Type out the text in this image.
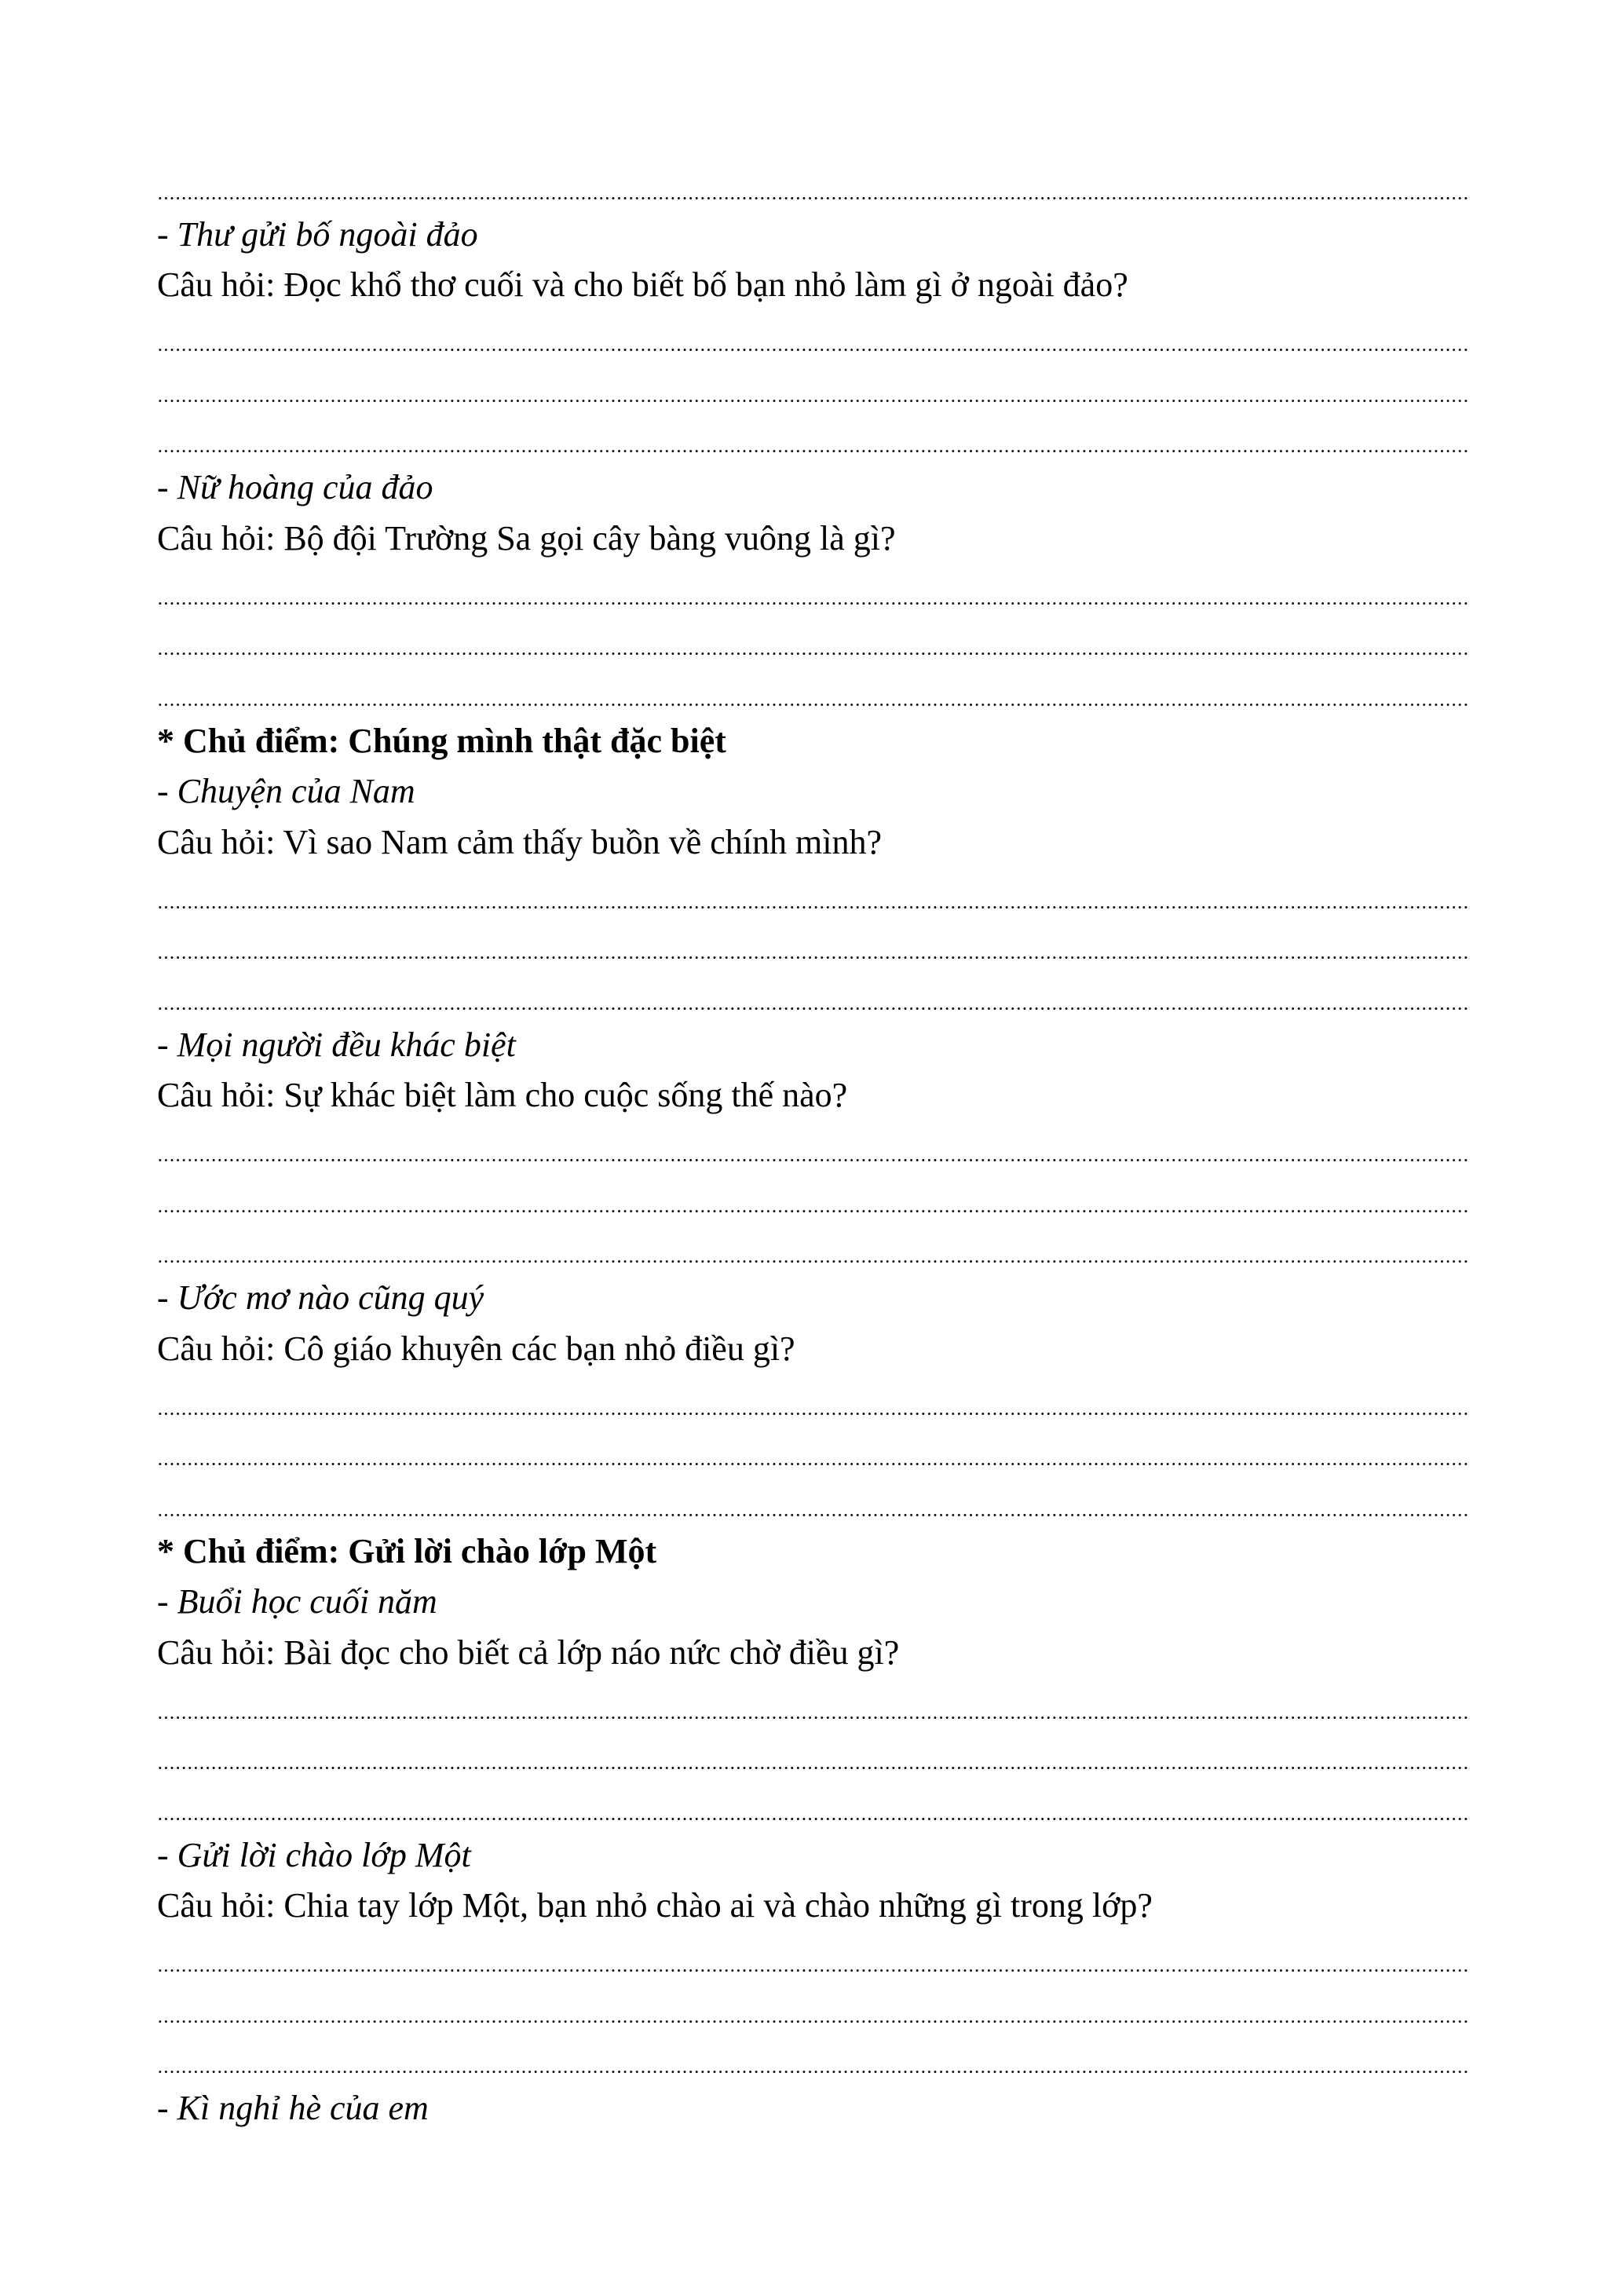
- Thư gửi bố ngoài đảo
Câu hỏi: Đọc khổ thơ cuối và cho biết bố bạn nhỏ làm gì ở ngoài đảo?
- Nữ hoàng của đảo
Câu hỏi: Bộ đội Trường Sa gọi cây bàng vuông là gì?
* Chủ điểm: Chúng mình thật đặc biệt
- Chuyện của Nam
Câu hỏi: Vì sao Nam cảm thấy buồn về chính mình?
- Mọi người đều khác biệt
Câu hỏi: Sự khác biệt làm cho cuộc sống thế nào?
- Ước mơ nào cũng quý
Câu hỏi: Cô giáo khuyên các bạn nhỏ điều gì?
* Chủ điểm: Gửi lời chào lớp Một
- Buổi học cuối năm
Câu hỏi: Bài đọc cho biết cả lớp náo nức chờ điều gì?
- Gửi lời chào lớp Một
Câu hỏi: Chia tay lớp Một, bạn nhỏ chào ai và chào những gì trong lớp?
- Kì nghỉ hè của em
